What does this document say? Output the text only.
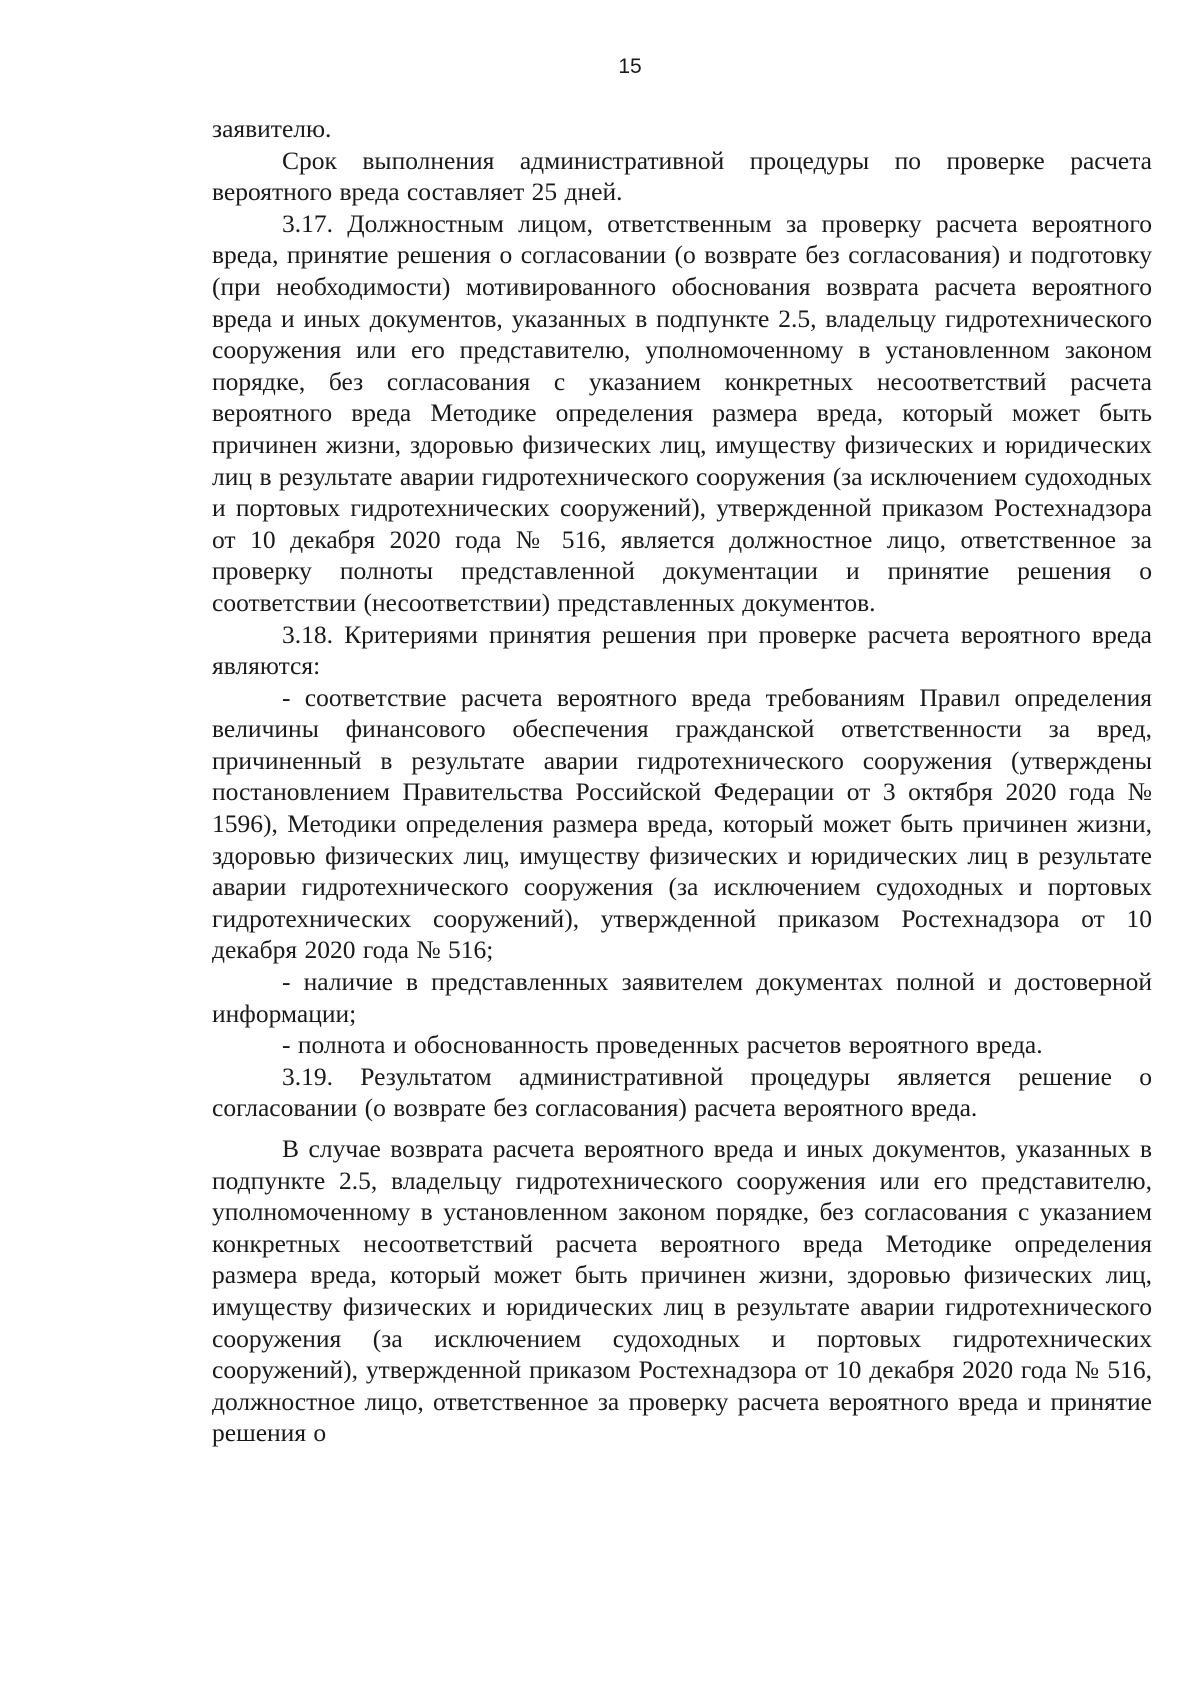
15

заявителю.

Срок выполнения административной процедуры по проверке расчета вероятного вреда составляет 25 дней.

3.17. Должностным лицом, ответственным за проверку расчета вероятного вреда, принятие решения о согласовании (о возврате без согласования) и подготовку (при необходимости) мотивированного обоснования возврата расчета вероятного вреда и иных документов, указанных в подпункте 2.5, владельцу гидротехнического сооружения или его представителю, уполномоченному в установленном законом порядке, без согласования с указанием конкретных несоответствий расчета вероятного вреда Методике определения размера вреда, который может быть причинен жизни, здоровью физических лиц, имуществу физических и юридических лиц в результате аварии гидротехнического сооружения (за исключением судоходных и портовых гидротехнических сооружений), утвержденной приказом Ростехнадзора от 10 декабря 2020 года № 516, является должностное лицо, ответственное за проверку полноты представленной документации и принятие решения о соответствии (несоответствии) представленных документов.

3.18. Критериями принятия решения при проверке расчета вероятного вреда являются:

- соответствие расчета вероятного вреда требованиям Правил определения величины финансового обеспечения гражданской ответственности за вред, причиненный в результате аварии гидротехнического сооружения (утверждены постановлением Правительства Российской Федерации от 3 октября 2020 года № 1596), Методики определения размера вреда, который может быть причинен жизни, здоровью физических лиц, имуществу физических и юридических лиц в результате аварии гидротехнического сооружения (за исключением судоходных и портовых гидротехнических сооружений), утвержденной приказом Ростехнадзора от 10 декабря 2020 года № 516;

- наличие в представленных заявителем документах полной и достоверной информации;

- полнота и обоснованность проведенных расчетов вероятного вреда.

3.19. Результатом административной процедуры является решение о согласовании (о возврате без согласования) расчета вероятного вреда.

В случае возврата расчета вероятного вреда и иных документов, указанных в подпункте 2.5, владельцу гидротехнического сооружения или его представителю, уполномоченному в установленном законом порядке, без согласования с указанием конкретных несоответствий расчета вероятного вреда Методике определения размера вреда, который может быть причинен жизни, здоровью физических лиц, имуществу физических и юридических лиц в результате аварии гидротехнического сооружения (за исключением судоходных и портовых гидротехнических сооружений), утвержденной приказом Ростехнадзора от 10 декабря 2020 года № 516, должностное лицо, ответственное за проверку расчета вероятного вреда и принятие решения о
